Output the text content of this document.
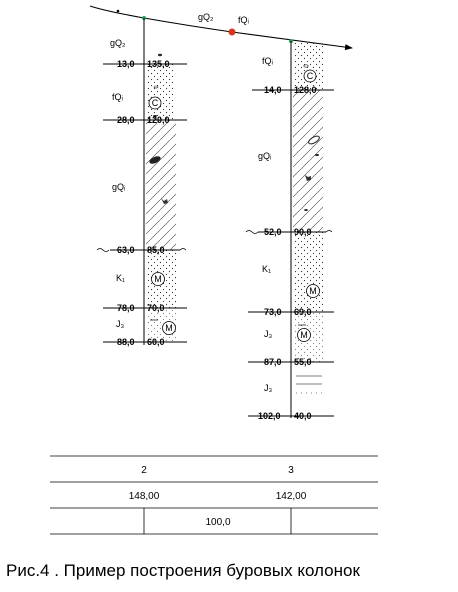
gQ₂	fQᵢ
gQ₂
fQᵢ
gQᵢ
K₁
J₃
C
M
M
13,0 135,0
28,0 120,0
63,0 85,0
78,0 70,0
88,0 60,0
fQᵢ
gQᵢ
K₁
J₃
J₃
C
M
M
14,0 128,0
52,0 90,0
73,0 69,0
87,0 55,0
102,0 40,0
2	3
148,00	142,00
100,0
Рис.4 . Пример построения буровых колонок
